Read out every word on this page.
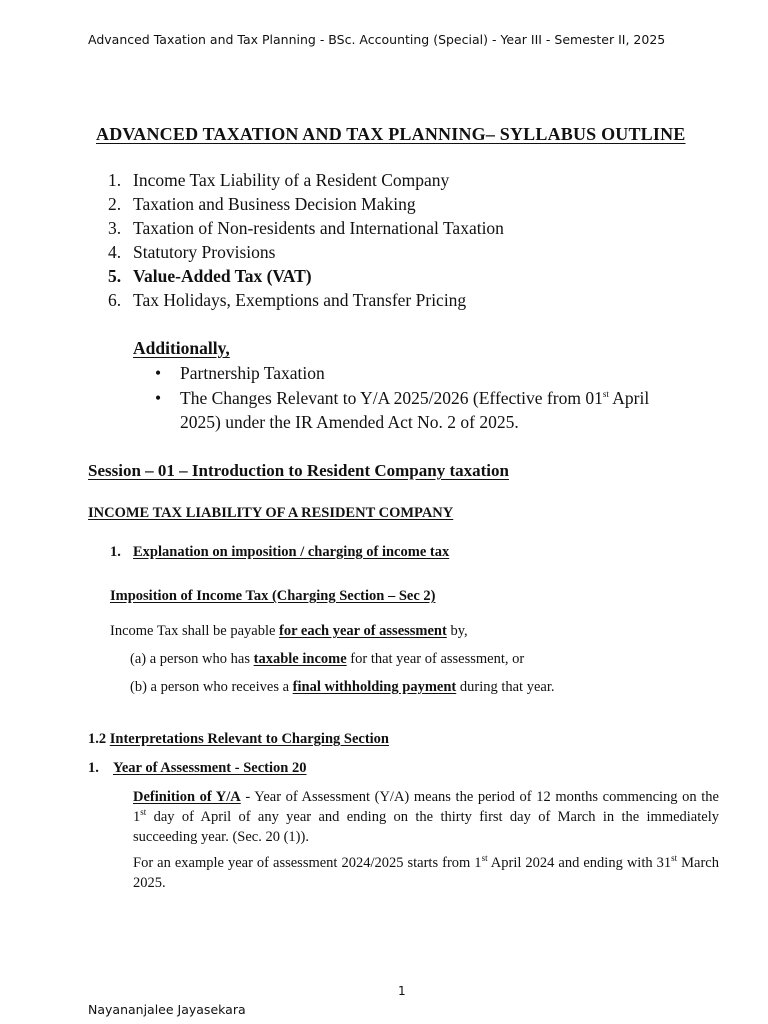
Advanced Taxation and Tax Planning - BSc. Accounting (Special) - Year III - Semester II, 2025
ADVANCED TAXATION AND TAX PLANNING– SYLLABUS OUTLINE
1. Income Tax Liability of a Resident Company
2. Taxation and Business Decision Making
3. Taxation of Non-residents and International Taxation
4. Statutory Provisions
5. Value-Added Tax (VAT)
6. Tax Holidays, Exemptions and Transfer Pricing
Additionally,
• Partnership Taxation
• The Changes Relevant to Y/A 2025/2026 (Effective from 01st April
2025) under the IR Amended Act No. 2 of 2025.
Session – 01 – Introduction to Resident Company taxation
INCOME TAX LIABILITY OF A RESIDENT COMPANY
1. Explanation on imposition / charging of income tax
Imposition of Income Tax (Charging Section – Sec 2)
Income Tax shall be payable for each year of assessment by,
(a) a person who has taxable income for that year of assessment, or
(b) a person who receives a final withholding payment during that year.
1.2 Interpretations Relevant to Charging Section
1. Year of Assessment - Section 20
Definition of Y/A - Year of Assessment (Y/A) means the period of 12 months commencing on the 1st day of April of any year and ending on the thirty first day of March in the immediately succeeding year. (Sec. 20 (1)).
For an example year of assessment 2024/2025 starts from 1st April 2024 and ending with 31st March 2025.
1
Nayananjalee Jayasekara
